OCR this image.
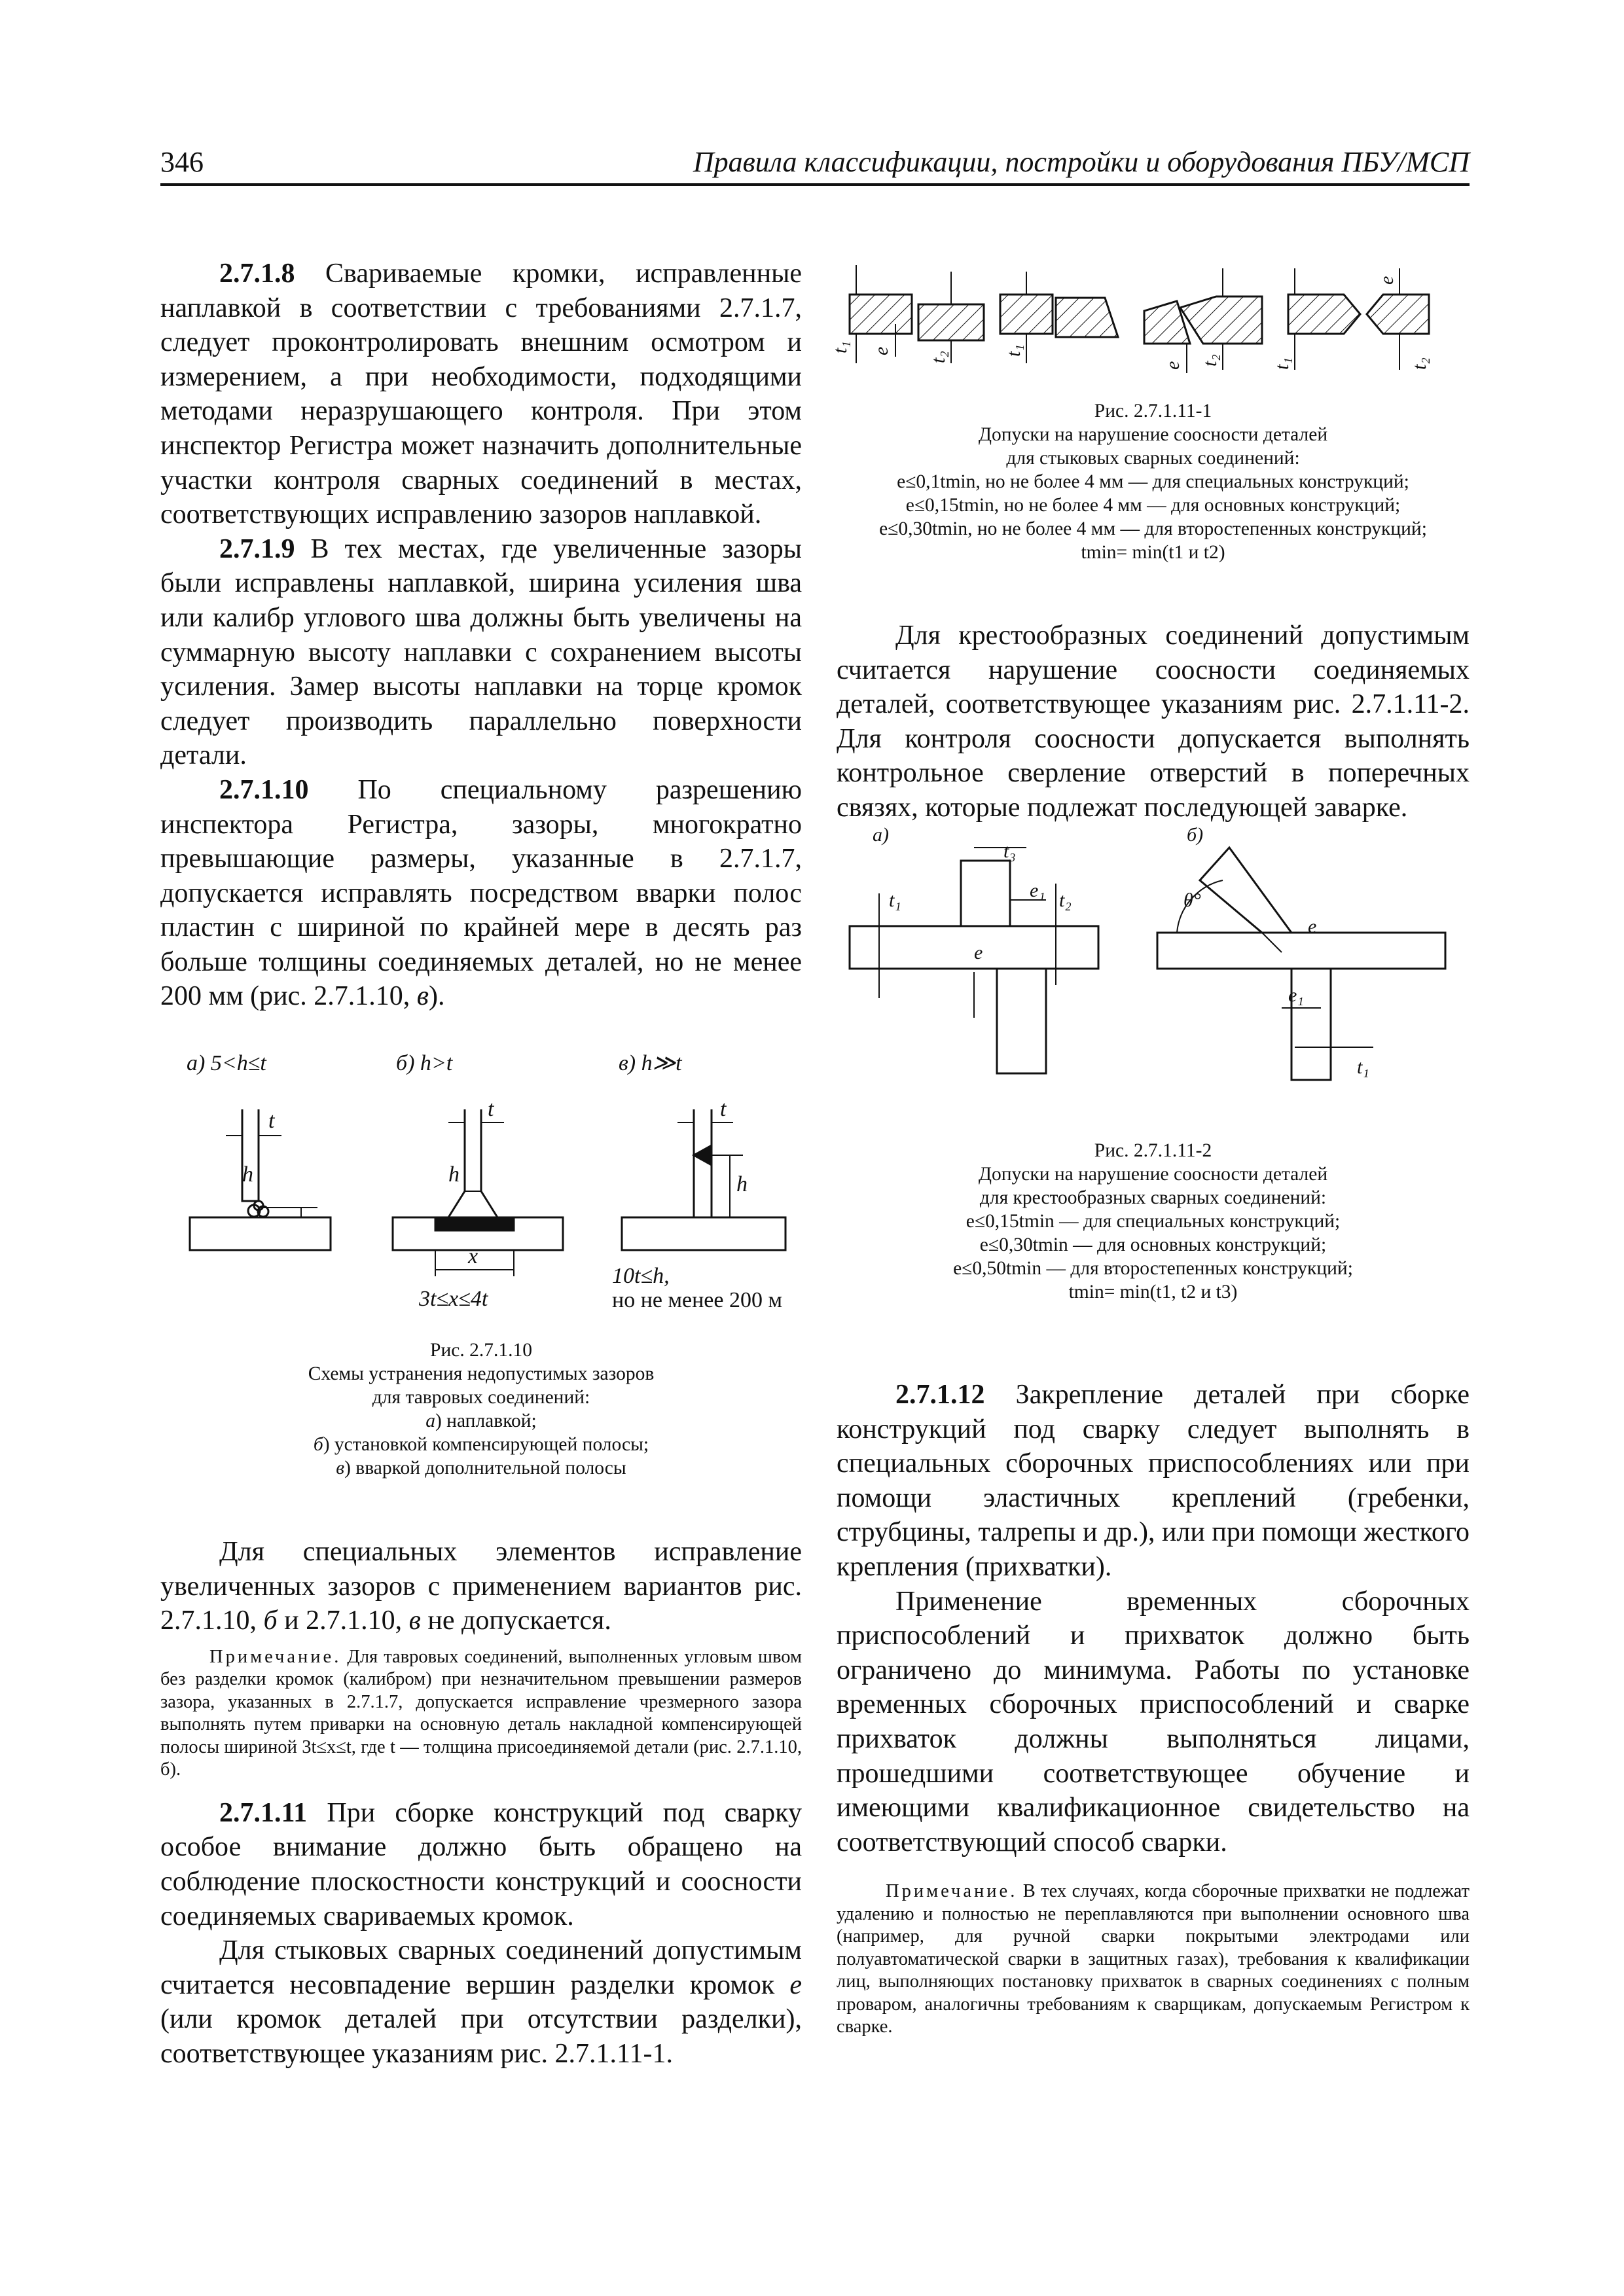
346	Правила классификации, постройки и оборудования ПБУ/МСП

2.7.1.8 Свариваемые кромки, исправленные наплавкой в соответствии с требованиями 2.7.1.7, следует проконтролировать внешним осмотром и измерением, а при необходимости, подходящими методами неразрушающего контроля. При этом инспектор Регистра может назначить дополнительные участки контроля сварных соединений в местах, соответствующих исправлению зазоров наплавкой.

2.7.1.9 В тех местах, где увеличенные зазоры были исправлены наплавкой, ширина усиления шва или калибр углового шва должны быть увеличены на суммарную высоту наплавки с сохранением высоты усиления. Замер высоты наплавки на торце кромок следует производить параллельно поверхности детали.

2.7.1.10 По специальному разрешению инспектора Регистра, зазоры, многократно превышающие размеры, указанные в 2.7.1.7, допускается исправлять посредством вварки полос пластин с шириной по крайней мере в десять раз больше толщины соединяемых деталей, но не менее 200 мм (рис. 2.7.1.10, в).

а) 5<h≤t	б) h>t	в) h≫t
t	t	t
h	h	h
x
3t≤x≤4t
10t≤h,
но не менее 200 м
Рис. 2.7.1.10
Схемы устранения недопустимых зазоров
для тавровых соединений:
а) наплавкой;
б) установкой компенсирующей полосы;
в) вваркой дополнительной полосы

Для специальных элементов исправление увеличенных зазоров с применением вариантов рис. 2.7.1.10, б и 2.7.1.10, в не допускается.

Примечание. Для тавровых соединений, выполненных угловым швом без разделки кромок (калибром) при незначительном превышении размеров зазора, указанных в 2.7.1.7, допускается исправление чрезмерного зазора выполнять путем приварки на основную деталь накладной компенсирующей полосы шириной 3t≤x≤t, где t — толщина присоединяемой детали (рис. 2.7.1.10, б).

2.7.1.11 При сборке конструкций под сварку особое внимание должно быть обращено на соблюдение плоскостности конструкций и соосности соединяемых свариваемых кромок.

Для стыковых сварных соединений допустимым считается несовпадение вершин разделки кромок е (или кромок деталей при отсутствии разделки), соответствующее указаниям рис. 2.7.1.11-1.

t₁ e t₂
t₁
e t₂	t₁
e
t₂
Рис. 2.7.1.11-1
Допуски на нарушение соосности деталей
для стыковых сварных соединений:
e≤0,1tmin, но не более 4 мм — для специальных конструкций;
e≤0,15tmin, но не более 4 мм — для основных конструкций;
e≤0,30tmin, но не более 4 мм — для второстепенных конструкций;
tmin= min(t1 и t2)

Для крестообразных соединений допустимым считается нарушение соосности соединяемых деталей, соответствующее указаниям рис. 2.7.1.11-2. Для контроля соосности допускается выполнять контрольное сверление отверстий в поперечных связях, которые подлежат последующей заварке.

а)	б)
t₁
t₃
e₁ t₂
e
θ°
e
e₁
t₁
Рис. 2.7.1.11-2
Допуски на нарушение соосности деталей
для крестообразных сварных соединений:
e≤0,15tmin — для специальных конструкций;
e≤0,30tmin — для основных конструкций;
e≤0,50tmin — для второстепенных конструкций;
tmin= min(t1, t2 и t3)

2.7.1.12 Закрепление деталей при сборке конструкций под сварку следует выполнять в специальных сборочных приспособлениях или при помощи эластичных креплений (гребенки, струбцины, талрепы и др.), или при помощи жесткого крепления (прихватки).

Применение временных сборочных приспособлений и прихваток должно быть ограничено до минимума. Работы по установке временных сборочных приспособлений и сварке прихваток должны выполняться лицами, прошедшими соответствующее обучение и имеющими квалификационное свидетельство на соответствующий способ сварки.

Примечание. В тех случаях, когда сборочные прихватки не подлежат удалению и полностью не переплавляются при выполнении основного шва (например, для ручной сварки покрытыми электродами или полуавтоматической сварки в защитных газах), требования к квалификации лиц, выполняющих постановку прихваток в сварных соединениях с полным проваром, аналогичны требованиям к сварщикам, допускаемым Регистром к сварке.
